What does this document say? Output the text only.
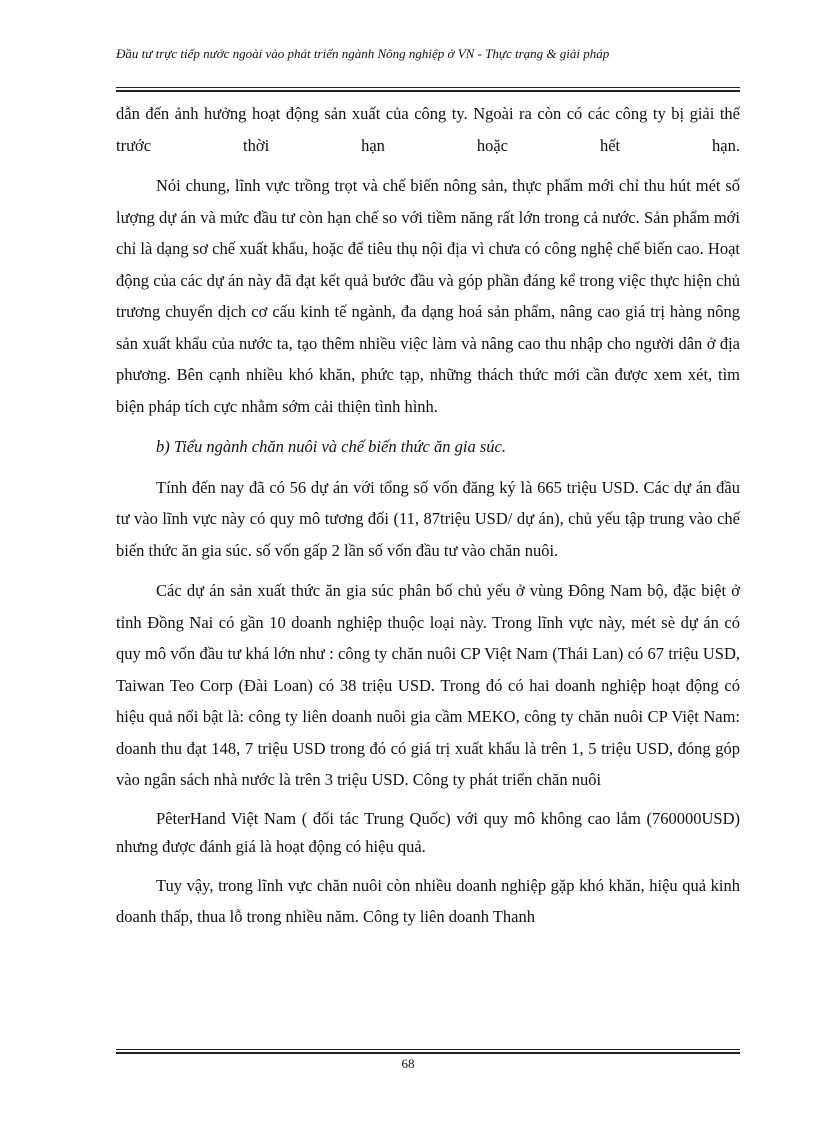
Đầu tư trực tiếp nước ngoài vào phát triển ngành Nông nghiệp ở VN - Thực trạng & giải pháp

dẫn đến ảnh hưởng hoạt động sản xuất của công ty. Ngoài ra còn có các công ty bị giải thể trước thời hạn hoặc hết hạn.

Nói chung, lĩnh vực trồng trọt và chế biến nông sản, thực phẩm mới chỉ thu hút mét số lượng dự án và mức đầu tư còn hạn chế so với tiềm năng rất lớn trong cả nước. Sản phẩm mới chỉ là dạng sơ chế xuất khẩu, hoặc để tiêu thụ nội địa vì chưa có công nghệ chế biến cao. Hoạt động của các dự án này đã đạt kết quả bước đầu và góp phần đáng kể trong việc thực hiện chủ trương chuyển dịch cơ cấu kinh tế ngành, đa dạng hoá sản phẩm, nâng cao giá trị hàng nông sản xuất khẩu của nước ta, tạo thêm nhiều việc làm và nâng cao thu nhập cho người dân ở địa phương. Bên cạnh nhiều khó khăn, phức tạp, những thách thức mới cần được xem xét, tìm biện pháp tích cực nhằm sớm cải thiện tình hình.

b) Tiểu ngành chăn nuôi và chế biến thức ăn gia súc.

Tính đến nay đã có 56 dự án với tổng số vốn đăng ký là 665 triệu USD. Các dự án đầu tư vào lĩnh vực này có quy mô tương đối (11, 87triệu USD/ dự án), chủ yếu tập trung vào chế biến thức ăn gia súc. số vốn gấp 2 lần số vốn đầu tư vào chăn nuôi.

Các dự án sản xuất thức ăn gia súc phân bố chủ yếu ở vùng Đông Nam bộ, đặc biệt ở tỉnh Đồng Nai có gần 10 doanh nghiệp thuộc loại này. Trong lĩnh vực này, mét sè dự án có quy mô vốn đầu tư khá lớn như : công ty chăn nuôi CP Việt Nam (Thái Lan) có 67 triệu USD, Taiwan Teo Corp (Đài Loan) có 38 triệu USD. Trong đó có hai doanh nghiệp hoạt động có hiệu quả nổi bật là: công ty liên doanh nuôi gia cầm MEKO, công ty chăn nuôi CP Việt Nam: doanh thu đạt 148, 7 triệu USD trong đó có giá trị xuất khẩu là trên 1, 5 triệu USD, đóng góp vào ngân sách nhà nước là trên 3 triệu USD. Công ty phát triển chăn nuôi

PêterHand Việt Nam ( đối tác Trung Quốc) với quy mô không cao lắm (760000USD) nhưng được đánh giá là hoạt động có hiệu quả.

Tuy vậy, trong lĩnh vực chăn nuôi còn nhiều doanh nghiệp gặp khó khăn, hiệu quả kinh doanh thấp, thua lỗ trong nhiều năm. Công ty liên doanh Thanh

68
